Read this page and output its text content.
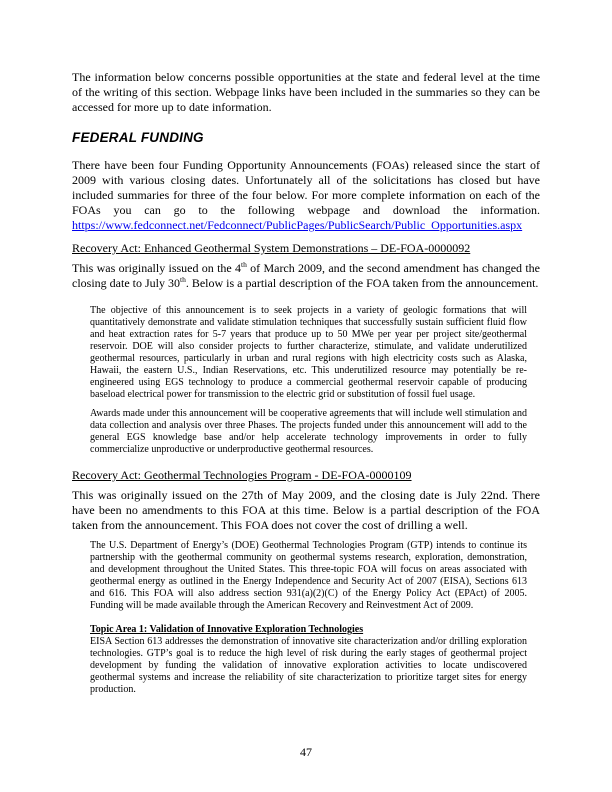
The information below concerns possible opportunities at the state and federal level at the time of the writing of this section. Webpage links have been included in the summaries so they can be accessed for more up to date information.

FEDERAL FUNDING

There have been four Funding Opportunity Announcements (FOAs) released since the start of 2009 with various closing dates. Unfortunately all of the solicitations has closed but have included summaries for three of the four below. For more complete information on each of the FOAs you can go to the following webpage and download the information. https://www.fedconnect.net/Fedconnect/PublicPages/PublicSearch/Public_Opportunities.aspx

Recovery Act: Enhanced Geothermal System Demonstrations – DE-FOA-0000092

This was originally issued on the 4th of March 2009, and the second amendment has changed the closing date to July 30th. Below is a partial description of the FOA taken from the announcement.

The objective of this announcement is to seek projects in a variety of geologic formations that will quantitatively demonstrate and validate stimulation techniques that successfully sustain sufficient fluid flow and heat extraction rates for 5-7 years that produce up to 50 MWe per year per project site/geothermal reservoir. DOE will also consider projects to further characterize, stimulate, and validate underutilized geothermal resources, particularly in urban and rural regions with high electricity costs such as Alaska, Hawaii, the eastern U.S., Indian Reservations, etc. This underutilized resource may potentially be re-engineered using EGS technology to produce a commercial geothermal reservoir capable of producing baseload electrical power for transmission to the electric grid or substitution of fossil fuel usage.

Awards made under this announcement will be cooperative agreements that will include well stimulation and data collection and analysis over three Phases. The projects funded under this announcement will add to the general EGS knowledge base and/or help accelerate technology improvements in order to fully commercialize unproductive or underproductive geothermal resources.

Recovery Act: Geothermal Technologies Program - DE-FOA-0000109

This was originally issued on the 27th of May 2009, and the closing date is July 22nd. There have been no amendments to this FOA at this time. Below is a partial description of the FOA taken from the announcement. This FOA does not cover the cost of drilling a well.

The U.S. Department of Energy’s (DOE) Geothermal Technologies Program (GTP) intends to continue its partnership with the geothermal community on geothermal systems research, exploration, demonstration, and development throughout the United States. This three-topic FOA will focus on areas associated with geothermal energy as outlined in the Energy Independence and Security Act of 2007 (EISA), Sections 613 and 616. This FOA will also address section 931(a)(2)(C) of the Energy Policy Act (EPAct) of 2005. Funding will be made available through the American Recovery and Reinvestment Act of 2009.

Topic Area 1: Validation of Innovative Exploration Technologies
EISA Section 613 addresses the demonstration of innovative site characterization and/or drilling exploration technologies. GTP’s goal is to reduce the high level of risk during the early stages of geothermal project development by funding the validation of innovative exploration activities to locate undiscovered geothermal systems and increase the reliability of site characterization to prioritize target sites for energy production.
47
